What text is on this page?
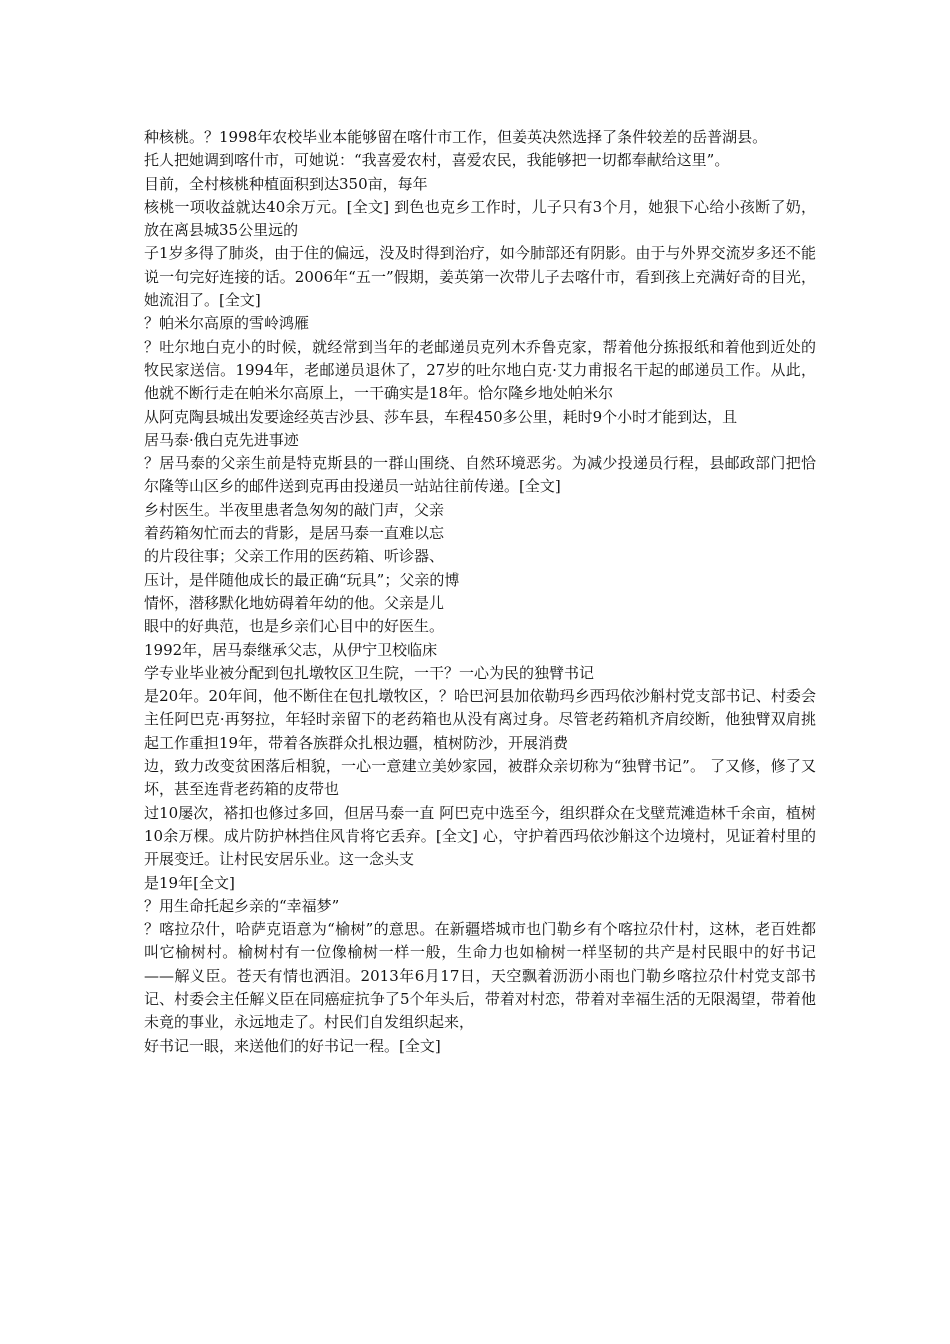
种核桃。？1998年农校毕业本能够留在喀什市工作，但姜英决然选择了条件较差的岳普湖县。

托人把她调到喀什市，可她说：“我喜爱农村，喜爱农民，我能够把一切都奉献给这里”。

目前，全村核桃种植面积到达350亩，每年

核桃一项收益就达40余万元。[全文] 到色也克乡工作时，儿子只有3个月，她狠下心给小孩断了奶，放在离县城35公里远的

子1岁多得了肺炎，由于住的偏远，没及时得到治疗，如今肺部还有阴影。由于与外界交流岁多还不能说一句完好连接的话。2006年“五一”假期，姜英第一次带儿子去喀什市，看到孩上充满好奇的目光，她流泪了。[全文]

？帕米尔高原的雪岭鸿雁

？吐尔地白克小的时候，就经常到当年的老邮递员克列木乔鲁克家，帮着他分拣报纸和着他到近处的牧民家送信。1994年，老邮递员退休了，27岁的吐尔地白克·艾力甫报名干起的邮递员工作。从此，他就不断行走在帕米尔高原上，一干确实是18年。恰尔隆乡地处帕米尔

从阿克陶县城出发要途经英吉沙县、莎车县，车程450多公里，耗时9个小时才能到达，且

居马泰·俄白克先进事迹

？居马泰的父亲生前是特克斯县的一群山围绕、自然环境恶劣。为减少投递员行程，县邮政部门把恰尔隆等山区乡的邮件送到克再由投递员一站站往前传递。[全文]

乡村医生。半夜里患者急匆匆的敲门声，父亲

着药箱匆忙而去的背影，是居马泰一直难以忘

的片段往事；父亲工作用的医药箱、听诊器、

压计，是伴随他成长的最正确“玩具”；父亲的博

情怀，潜移默化地妨碍着年幼的他。父亲是儿

眼中的好典范，也是乡亲们心目中的好医生。

1992年，居马泰继承父志，从伊宁卫校临床

学专业毕业被分配到包扎墩牧区卫生院，一干？一心为民的独臂书记

是20年。20年间，他不断住在包扎墩牧区，？哈巴河县加依勒玛乡西玛依沙斛村党支部书记、村委会主任阿巴克·再努拉，年轻时亲留下的老药箱也从没有离过身。尽管老药箱机齐肩绞断，他独臂双肩挑起工作重担19年，带着各族群众扎根边疆，植树防沙，开展消费

边，致力改变贫困落后相貌，一心一意建立美妙家园，被群众亲切称为“独臂书记”。 了又修，修了又坏，甚至连背老药箱的皮带也

过10屡次，褡扣也修过多回，但居马泰一直 阿巴克中选至今，组织群众在戈壁荒滩造林千余亩，植树10余万棵。成片防护林挡住风肯将它丢弃。[全文] 心，守护着西玛依沙斛这个边境村，见证着村里的开展变迁。让村民安居乐业。这一念头支

是19年[全文]

？用生命托起乡亲的“幸福梦”

？喀拉尕什，哈萨克语意为“榆树”的意思。在新疆塔城市也门勒乡有个喀拉尕什村，这林，老百姓都叫它榆树村。榆树村有一位像榆树一样一般，生命力也如榆树一样坚韧的共产是村民眼中的好书记——解义臣。苍天有情也洒泪。2013年6月17日，天空飘着沥沥小雨也门勒乡喀拉尕什村党支部书记、村委会主任解义臣在同癌症抗争了5个年头后，带着对村恋，带着对幸福生活的无限渴望，带着他未竟的事业，永远地走了。村民们自发组织起来，

好书记一眼，来送他们的好书记一程。[全文]
